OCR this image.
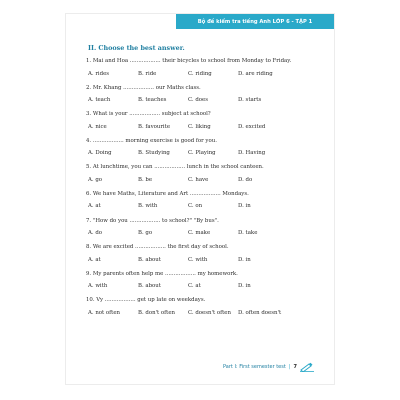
Bộ đề kiểm tra tiếng Anh LỚP 6 - TẬP 1
II. Choose the best answer.
1. Mai and Hoa .................. their bicycles to school from Monday to Friday.
A. rides	B. ride	C. riding	D. are riding
2. Mr. Khang .................. our Maths class.
A. teach	B. teaches	C. does	D. starts
3. What is your .................. subject at school?
A. nice	B. favourite	C. liking	D. excited
4. .................. morning exercise is good for you.
A. Doing	B. Studying	C. Playing	D. Having
5. At lunchtime, you can .................. lunch in the school canteen.
A. go	B. be	C. have	D. do
6. We have Maths, Literature and Art .................. Mondays.
A. at	B. with	C. on	D. in
7. "How do you .................. to school?" "By bus".
A. do	B. go	C. make	D. take
8. We are excited .................. the first day of school.
A. at	B. about	C. with	D. in
9. My parents often help me .................. my homework.
A. with	B. about	C. at	D. in
10. Vy .................. get up late on weekdays.
A. not often	B. don't often	C. doesn't often	D. often doesn't
Part I: First semester test | 7
